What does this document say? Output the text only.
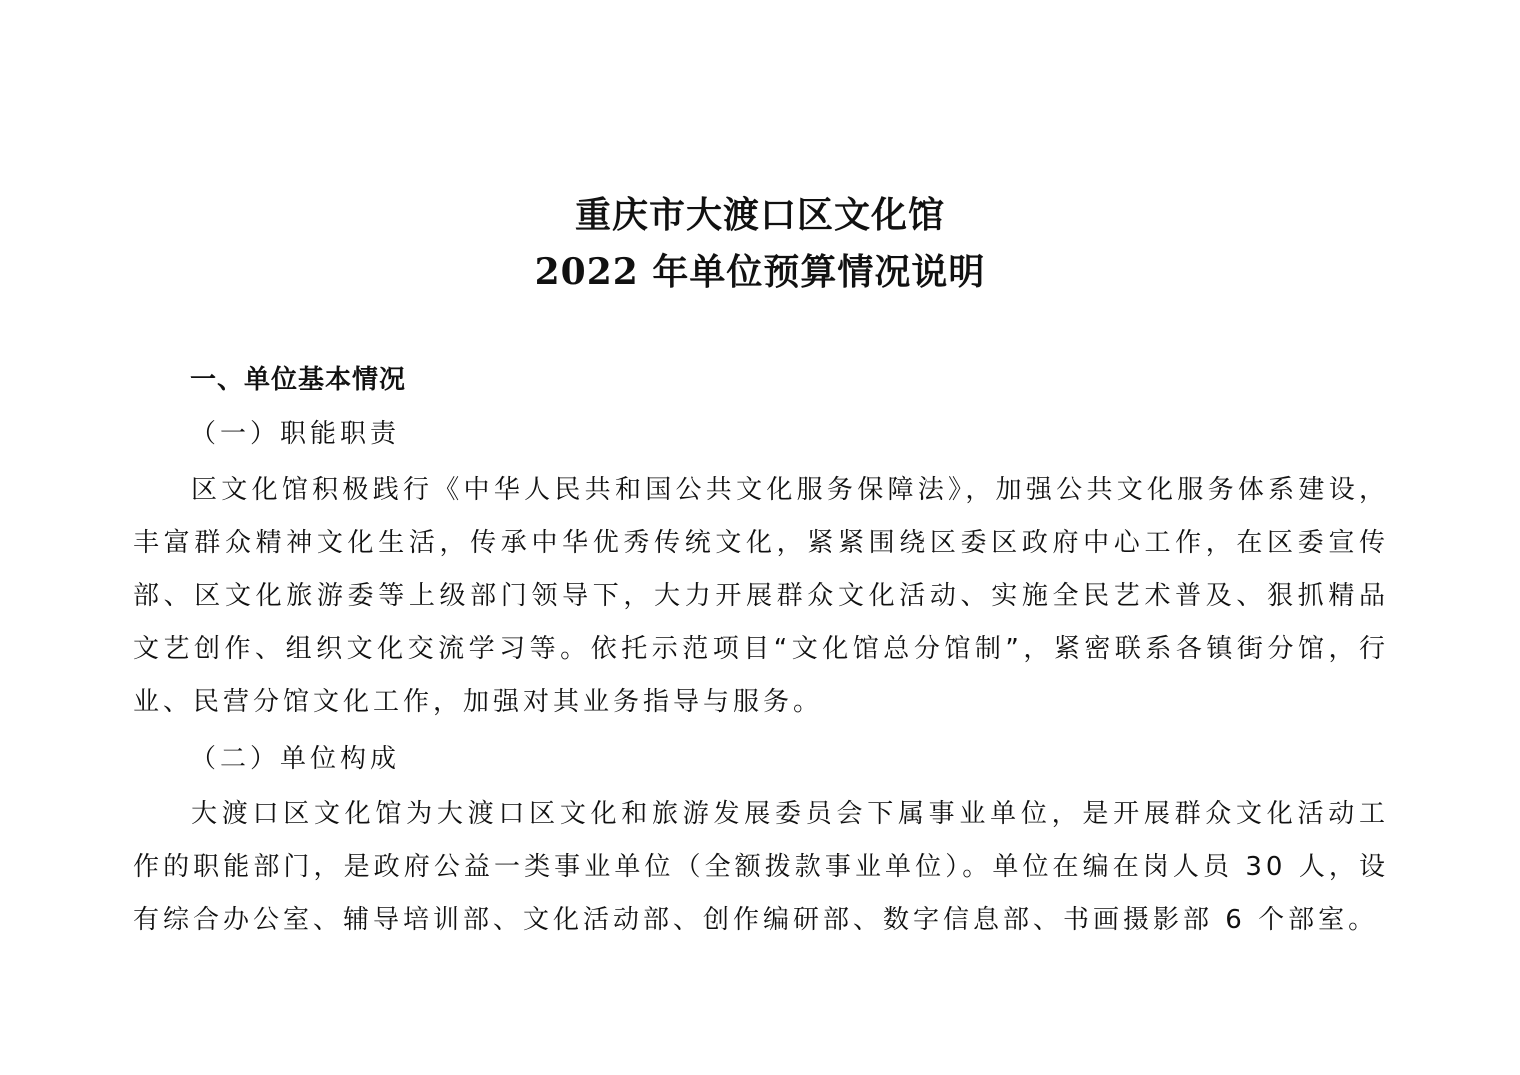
重庆市大渡口区文化馆
2022 年单位预算情况说明
一、单位基本情况
（一）职能职责
区文化馆积极践行《中华人民共和国公共文化服务保障法》，加强公共文化服务体系建设，丰富群众精神文化生活，传承中华优秀传统文化，紧紧围绕区委区政府中心工作，在区委宣传部、区文化旅游委等上级部门领导下，大力开展群众文化活动、实施全民艺术普及、狠抓精品文艺创作、组织文化交流学习等。依托示范项目“文化馆总分馆制”，紧密联系各镇街分馆，行业、民营分馆文化工作，加强对其业务指导与服务。
（二）单位构成
大渡口区文化馆为大渡口区文化和旅游发展委员会下属事业单位，是开展群众文化活动工作的职能部门，是政府公益一类事业单位（全额拨款事业单位）。单位在编在岗人员 30 人，设有综合办公室、辅导培训部、文化活动部、创作编研部、数字信息部、书画摄影部 6 个部室。
